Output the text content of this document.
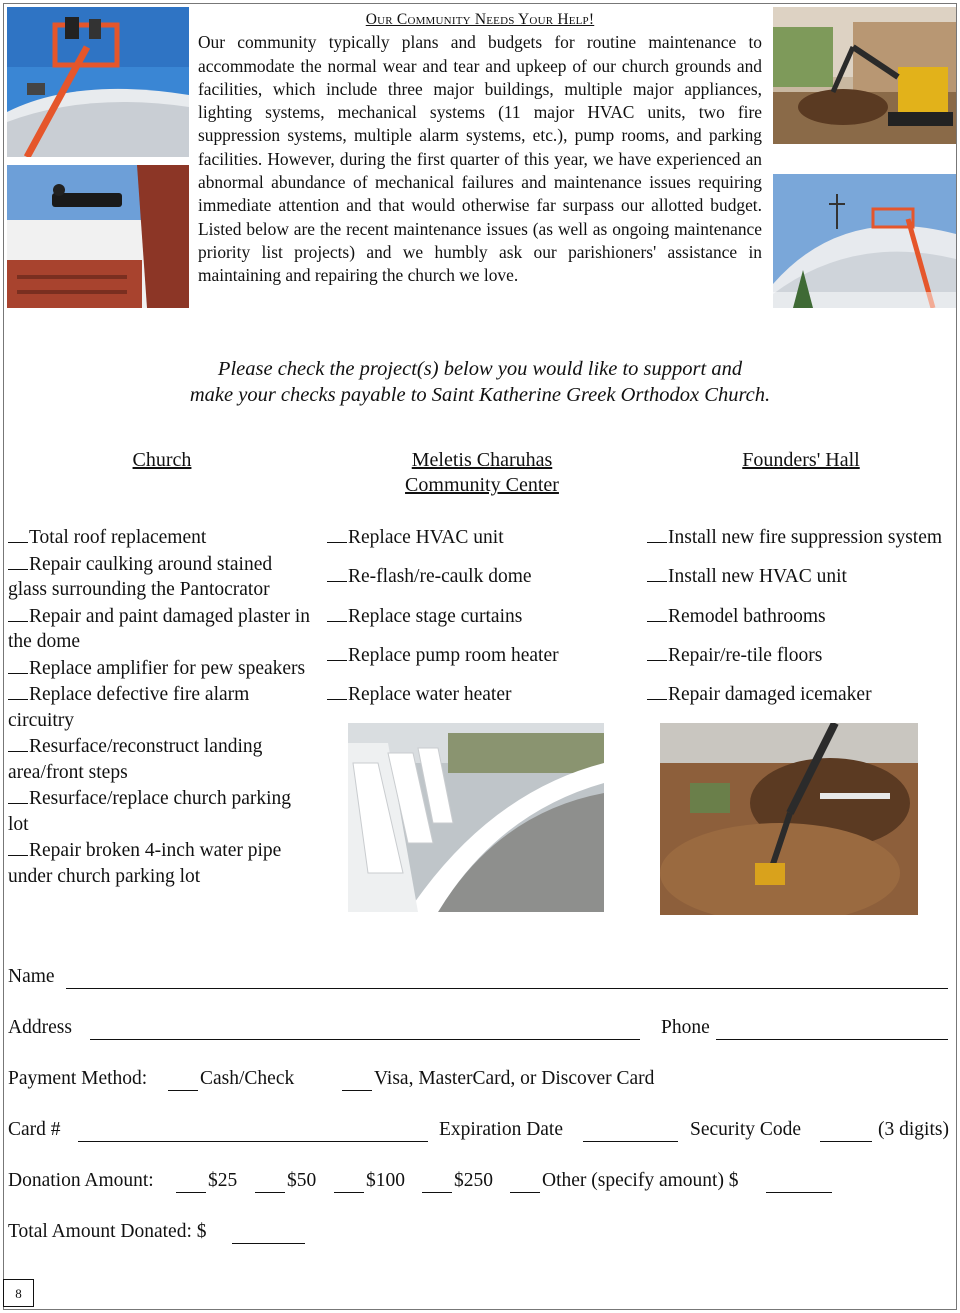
Our Community Needs Your Help!
Our community typically plans and budgets for routine maintenance to accommodate the normal wear and tear and upkeep of our church grounds and facilities, which include three major buildings, multiple major appliances, lighting systems, mechanical systems (11 major HVAC units, two fire suppression systems, multiple alarm systems, etc.), pump rooms, and parking facilities. However, during the first quarter of this year, we have experienced an abnormal abundance of mechanical failures and maintenance issues requiring immediate attention and that would otherwise far surpass our allotted budget. Listed below are the recent maintenance issues (as well as ongoing maintenance priority list projects) and we humbly ask our parishioners' assistance in maintaining and repairing the church we love.
Please check the project(s) below you would like to support and
make your checks payable to Saint Katherine Greek Orthodox Church.
Church	Meletis Charuhas
Community Center
Founders' Hall
Total roof replacement
Repair caulking around stained glass surrounding the Pantocrator
Repair and paint damaged plaster in the dome
Replace amplifier for pew speakers
Replace defective fire alarm circuitry
Resurface/reconstruct landing area/front steps
Resurface/replace church parking lot
Repair broken 4-inch water pipe under church parking lot
Replace HVAC unit
Re-flash/re-caulk dome
Replace stage curtains
Replace pump room heater
Replace water heater
Install new fire suppression system
Install new HVAC unit
Remodel bathrooms
Repair/re-tile floors
Repair damaged icemaker
Name
Address	Phone
Payment Method:	Cash/Check	Visa, MasterCard, or Discover Card
Card #	Expiration Date	Security Code	(3 digits)
Donation Amount:	$25	$50	$100	$250	Other (specify amount) $
Total Amount Donated: $
8
